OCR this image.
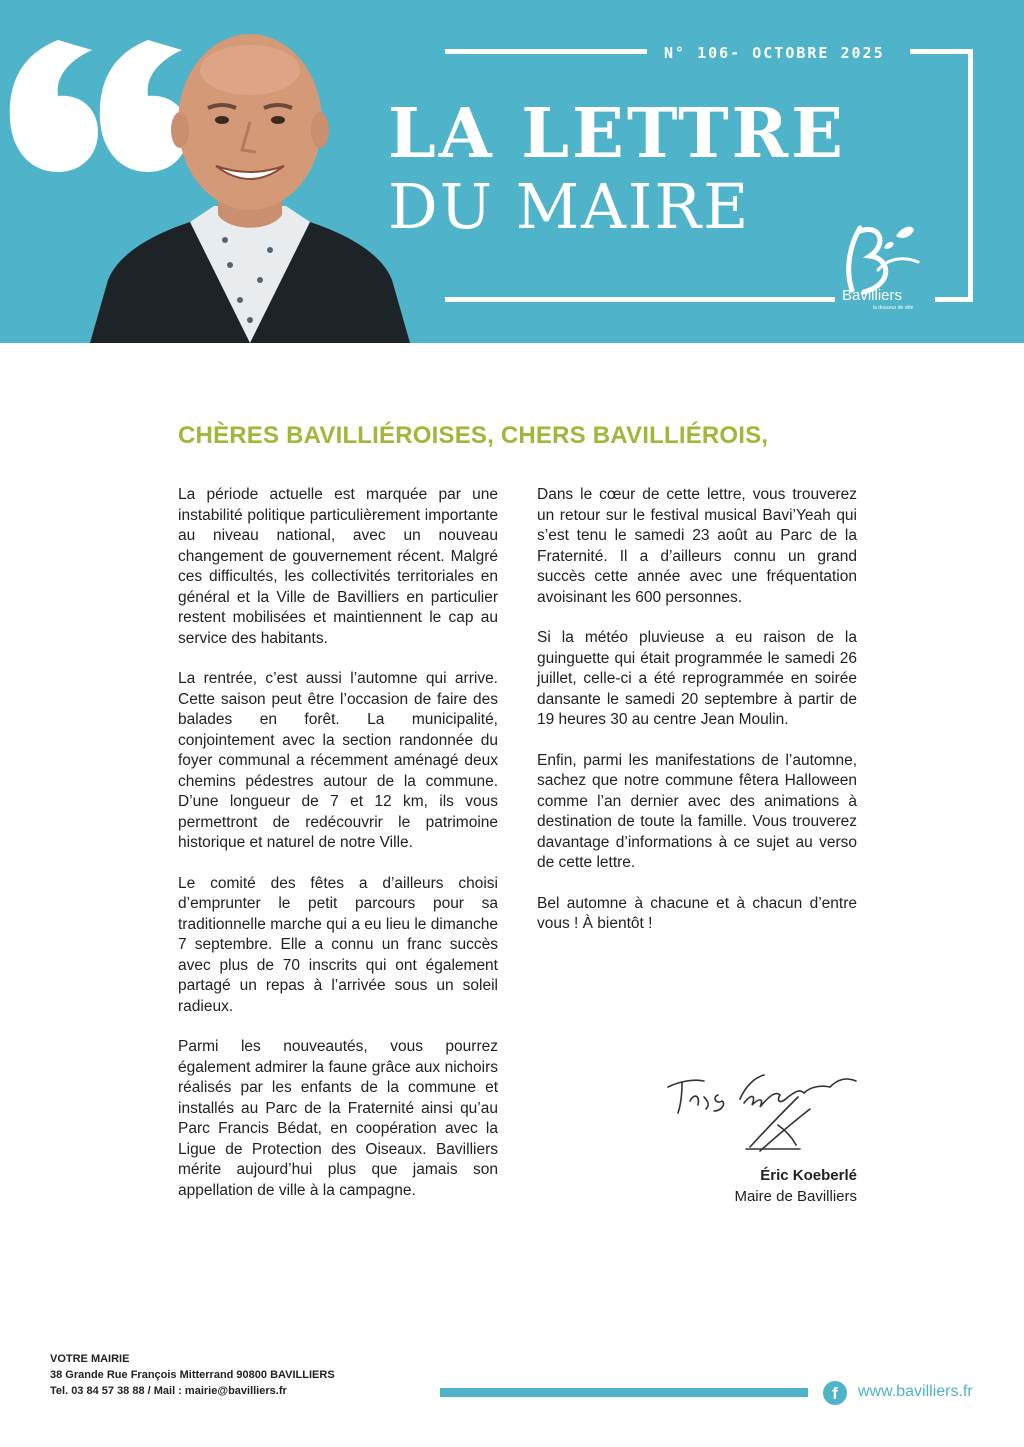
N° 106- OCTOBRE 2025
LA LETTRE
DU MAIRE
Bavilliers
la douceur de ville
CHÈRES BAVILLIÉROISES, CHERS BAVILLIÉROIS,

La période actuelle est marquée par une instabilité politique particulièrement importante au niveau national, avec un nouveau changement de gouvernement récent. Malgré ces difficultés, les collectivités territoriales en général et la Ville de Bavilliers en particulier restent mobilisées et maintiennent le cap au service des habitants.

La rentrée, c’est aussi l’automne qui arrive. Cette saison peut être l’occasion de faire des balades en forêt. La municipalité, conjointement avec la section randonnée du foyer communal a récemment aménagé deux chemins pédestres autour de la commune. D’une longueur de 7 et 12 km, ils vous permettront de redécouvrir le patrimoine historique et naturel de notre Ville.

Le comité des fêtes a d’ailleurs choisi d’emprunter le petit parcours pour sa traditionnelle marche qui a eu lieu le dimanche 7 septembre. Elle a connu un franc succès avec plus de 70 inscrits qui ont également partagé un repas à l’arrivée sous un soleil radieux.

Parmi les nouveautés, vous pourrez également admirer la faune grâce aux nichoirs réalisés par les enfants de la commune et installés au Parc de la Fraternité ainsi qu’au Parc Francis Bédat, en coopération avec la Ligue de Protection des Oiseaux. Bavilliers mérite aujourd’hui plus que jamais son appellation de ville à la campagne.

Dans le cœur de cette lettre, vous trouverez un retour sur le festival musical Bavi’Yeah qui s’est tenu le samedi 23 août au Parc de la Fraternité. Il a d’ailleurs connu un grand succès cette année avec une fréquentation avoisinant les 600 personnes.

Si la météo pluvieuse a eu raison de la guinguette qui était programmée le samedi 26 juillet, celle-ci a été reprogrammée en soirée dansante le samedi 20 septembre à partir de 19 heures 30 au centre Jean Moulin.

Enfin, parmi les manifestations de l’automne, sachez que notre commune fêtera Halloween comme l’an dernier avec des animations à destination de toute la famille. Vous trouverez davantage d’informations à ce sujet au verso de cette lettre.

Bel automne à chacune et à chacun d’entre vous ! À bientôt !

Éric Koeberlé
Maire de Bavilliers
VOTRE MAIRIE
38 Grande Rue François Mitterrand 90800 BAVILLIERS
Tel. 03 84 57 38 88 / Mail : mairie@bavilliers.fr	f	www.bavilliers.fr
